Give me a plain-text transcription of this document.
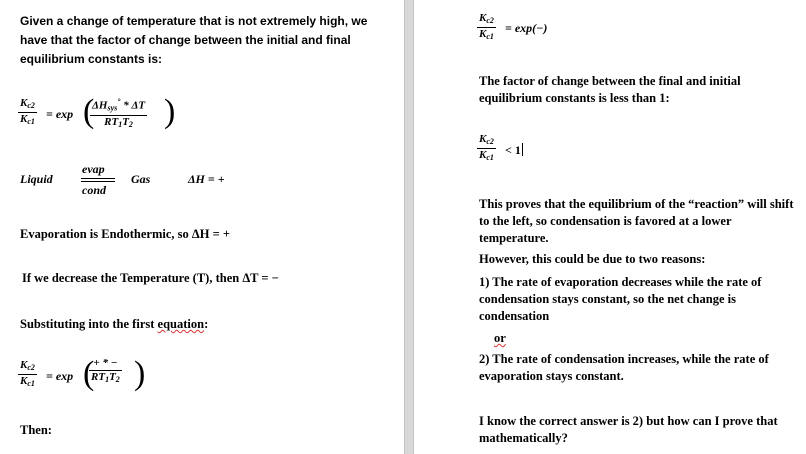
Given a change of temperature that is not extremely high, we have that the factor of change between the initial and final equilibrium constants is:
$\frac{K_{c2}}{K_{c1}} = \exp$ (
$\Delta H_{sys}^\circ$ * ΔT
$RT_1T_2$ )
Liquid
evap
cond
Gas	ΔH = +
Evaporation is Endothermic, so ΔH = +
If we decrease the Temperature (T), then ΔT = −
Substituting into the first equation:
$\frac{K_{c2}}{K_{c1}} = \exp$ ( + * −
$RT_1T_2$ )
Then:
$\frac{K_{c2}}{K_{c1}} = \exp(-)$
The factor of change between the final and initial equilibrium constants is less than 1:
$\frac{K_{c2}}{K_{c1}} < 1$
This proves that the equilibrium of the “reaction” will shift to the left, so condensation is favored at a lower temperature.
However, this could be due to two reasons:
1) The rate of evaporation decreases while the rate of condensation stays constant, so the net change is condensation
or
2) The rate of condensation increases, while the rate of evaporation stays constant.
I know the correct answer is 2) but how can I prove that mathematically?
